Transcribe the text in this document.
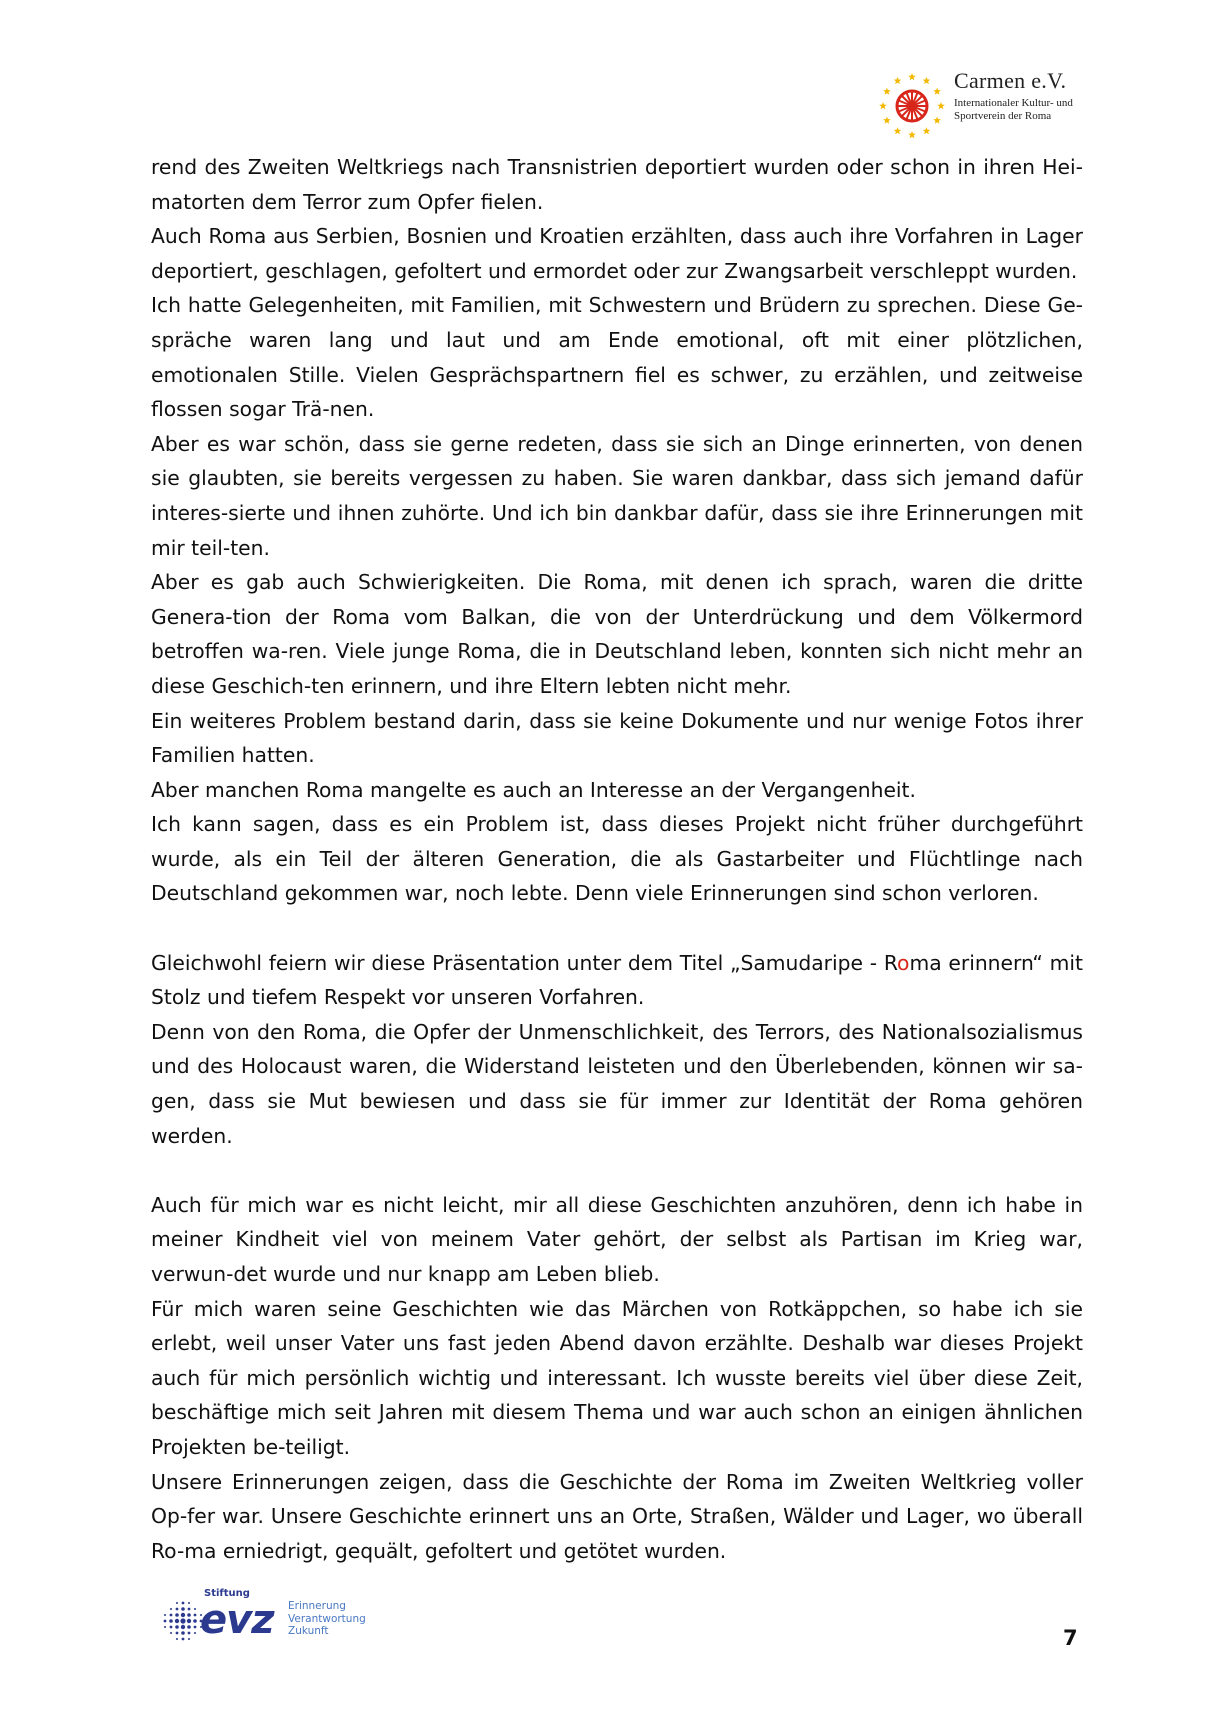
Carmen e.V.
Internationaler Kultur- und
Sportverein der Roma

rend des Zweiten Weltkriegs nach Transnistrien deportiert wurden oder schon in ihren Hei-matorten dem Terror zum Opfer fielen.

Auch Roma aus Serbien, Bosnien und Kroatien erzählten, dass auch ihre Vorfahren in Lager deportiert, geschlagen, gefoltert und ermordet oder zur Zwangsarbeit verschleppt wurden.

Ich hatte Gelegenheiten, mit Familien, mit Schwestern und Brüdern zu sprechen. Diese Ge-spräche waren lang und laut und am Ende emotional, oft mit einer plötzlichen, emotionalen Stille. Vielen Gesprächspartnern fiel es schwer, zu erzählen, und zeitweise flossen sogar Trä-nen.

Aber es war schön, dass sie gerne redeten, dass sie sich an Dinge erinnerten, von denen sie glaubten, sie bereits vergessen zu haben. Sie waren dankbar, dass sich jemand dafür interes-sierte und ihnen zuhörte. Und ich bin dankbar dafür, dass sie ihre Erinnerungen mit mir teil-ten.

Aber es gab auch Schwierigkeiten. Die Roma, mit denen ich sprach, waren die dritte Genera-tion der Roma vom Balkan, die von der Unterdrückung und dem Völkermord betroffen wa-ren. Viele junge Roma, die in Deutschland leben, konnten sich nicht mehr an diese Geschich-ten erinnern, und ihre Eltern lebten nicht mehr.

Ein weiteres Problem bestand darin, dass sie keine Dokumente und nur wenige Fotos ihrer Familien hatten.

Aber manchen Roma mangelte es auch an Interesse an der Vergangenheit.

Ich kann sagen, dass es ein Problem ist, dass dieses Projekt nicht früher durchgeführt wurde, als ein Teil der älteren Generation, die als Gastarbeiter und Flüchtlinge nach Deutschland gekommen war, noch lebte. Denn viele Erinnerungen sind schon verloren.

Gleichwohl feiern wir diese Präsentation unter dem Titel „Samudaripe - Roma erinnern“ mit Stolz und tiefem Respekt vor unseren Vorfahren.

Denn von den Roma, die Opfer der Unmenschlichkeit, des Terrors, des Nationalsozialismus und des Holocaust waren, die Widerstand leisteten und den Überlebenden, können wir sa-gen, dass sie Mut bewiesen und dass sie für immer zur Identität der Roma gehören werden.

Auch für mich war es nicht leicht, mir all diese Geschichten anzuhören, denn ich habe in meiner Kindheit viel von meinem Vater gehört, der selbst als Partisan im Krieg war, verwun-det wurde und nur knapp am Leben blieb.

Für mich waren seine Geschichten wie das Märchen von Rotkäppchen, so habe ich sie erlebt, weil unser Vater uns fast jeden Abend davon erzählte. Deshalb war dieses Projekt auch für mich persönlich wichtig und interessant. Ich wusste bereits viel über diese Zeit, beschäftige mich seit Jahren mit diesem Thema und war auch schon an einigen ähnlichen Projekten be-teiligt.

Unsere Erinnerungen zeigen, dass die Geschichte der Roma im Zweiten Weltkrieg voller Op-fer war. Unsere Geschichte erinnert uns an Orte, Straßen, Wälder und Lager, wo überall Ro-ma erniedrigt, gequält, gefoltert und getötet wurden.

Stiftung
evz Erinnerung
Verantwortung
Zukunft	7
